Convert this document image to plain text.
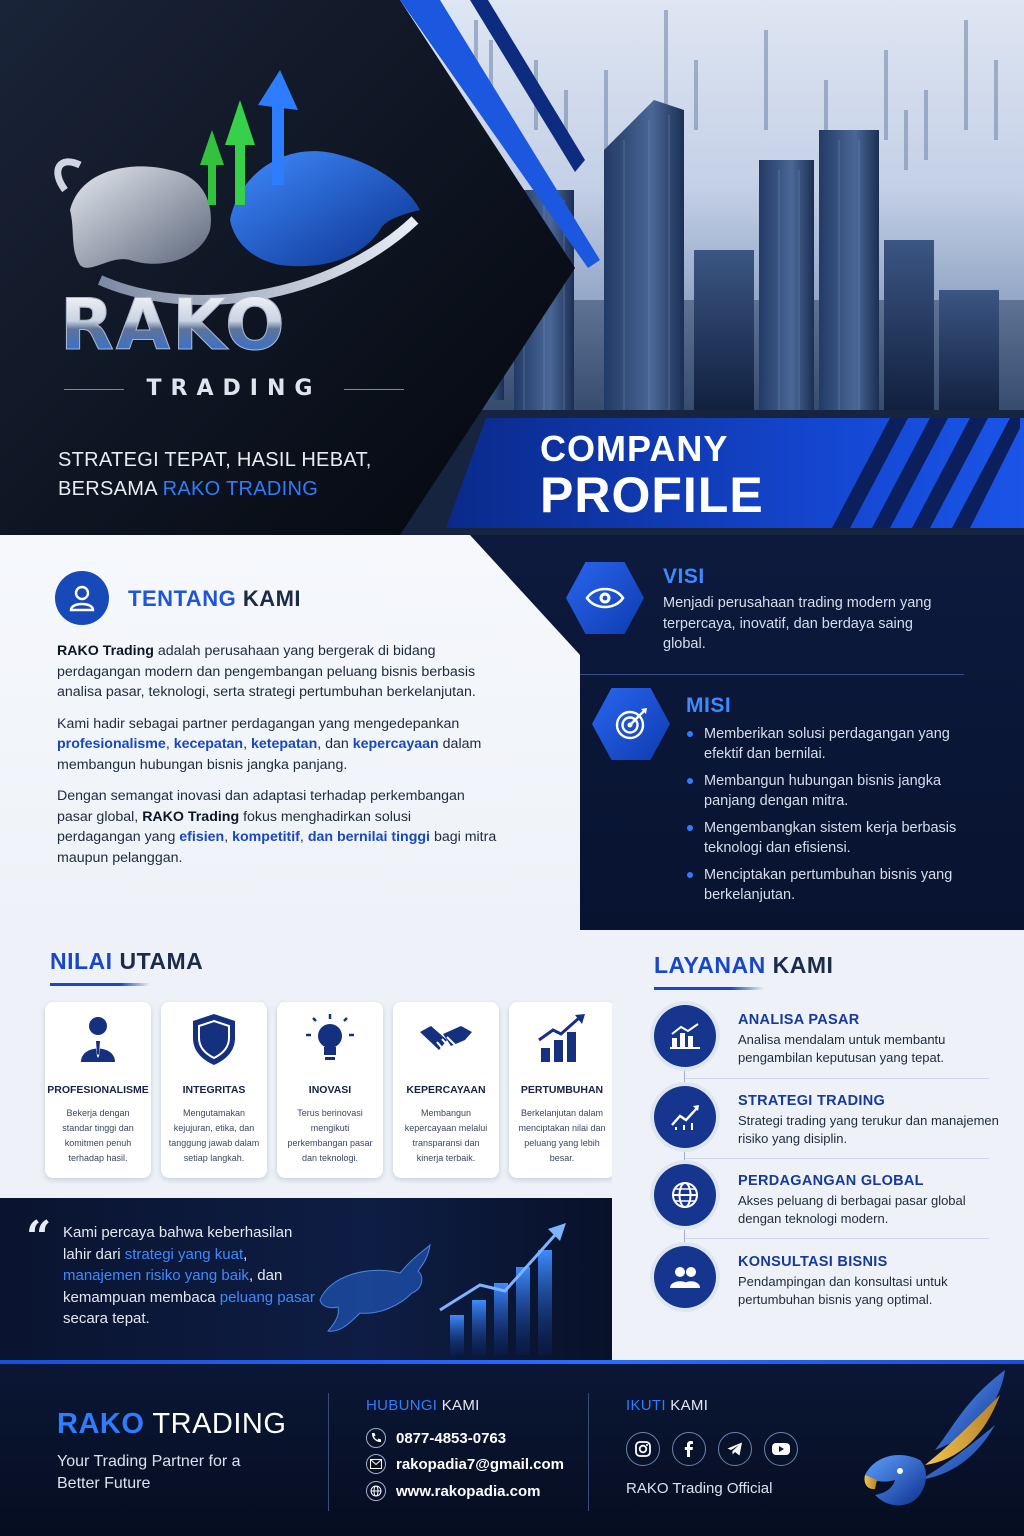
RAKO
TRADING
STRATEGI TEPAT, HASIL HEBAT,
BERSAMA RAKO TRADING
COMPANY
PROFILE
TENTANG KAMI

RAKO Trading adalah perusahaan yang bergerak di bidang perdagangan modern dan pengembangan peluang bisnis berbasis analisa pasar, teknologi, serta strategi pertumbuhan berkelanjutan.

Kami hadir sebagai partner perdagangan yang mengedepankan profesionalisme, kecepatan, ketepatan, dan kepercayaan dalam membangun hubungan bisnis jangka panjang.

Dengan semangat inovasi dan adaptasi terhadap perkembangan pasar global, RAKO Trading fokus menghadirkan solusi perdagangan yang efisien, kompetitif, dan bernilai tinggi bagi mitra maupun pelanggan.

VISI
Menjadi perusahaan trading modern yang terpercaya, inovatif, dan berdaya saing global.
MISI
Memberikan solusi perdagangan yang efektif dan bernilai.
Membangun hubungan bisnis jangka panjang dengan mitra.
Mengembangkan sistem kerja berbasis teknologi dan efisiensi.
Menciptakan pertumbuhan bisnis yang berkelanjutan.
NILAI UTAMA
PROFESIONALISME
Bekerja dengan standar tinggi dan komitmen penuh terhadap hasil.
INTEGRITAS
Mengutamakan kejujuran, etika, dan tanggung jawab dalam setiap langkah.
INOVASI
Terus berinovasi mengikuti perkembangan pasar dan teknologi.
KEPERCAYAAN
Membangun kepercayaan melalui transparansi dan kinerja terbaik.
PERTUMBUHAN
Berkelanjutan dalam menciptakan nilai dan peluang yang lebih besar.
LAYANAN KAMI
ANALISA PASAR
Analisa mendalam untuk membantu pengambilan keputusan yang tepat.
STRATEGI TRADING
Strategi trading yang terukur dan manajemen risiko yang disiplin.
PERDAGANGAN GLOBAL
Akses peluang di berbagai pasar global dengan teknologi modern.
KONSULTASI BISNIS
Pendampingan dan konsultasi untuk pertumbuhan bisnis yang optimal.
“ Kami percaya bahwa keberhasilan lahir dari strategi yang kuat, manajemen risiko yang baik, dan kemampuan membaca peluang pasar secara tepat.
RAKO TRADING
Your Trading Partner for a Better Future
HUBUNGI KAMI
0877-4853-0763
rakopadia7@gmail.com
www.rakopadia.com
IKUTI KAMI
RAKO Trading Official
